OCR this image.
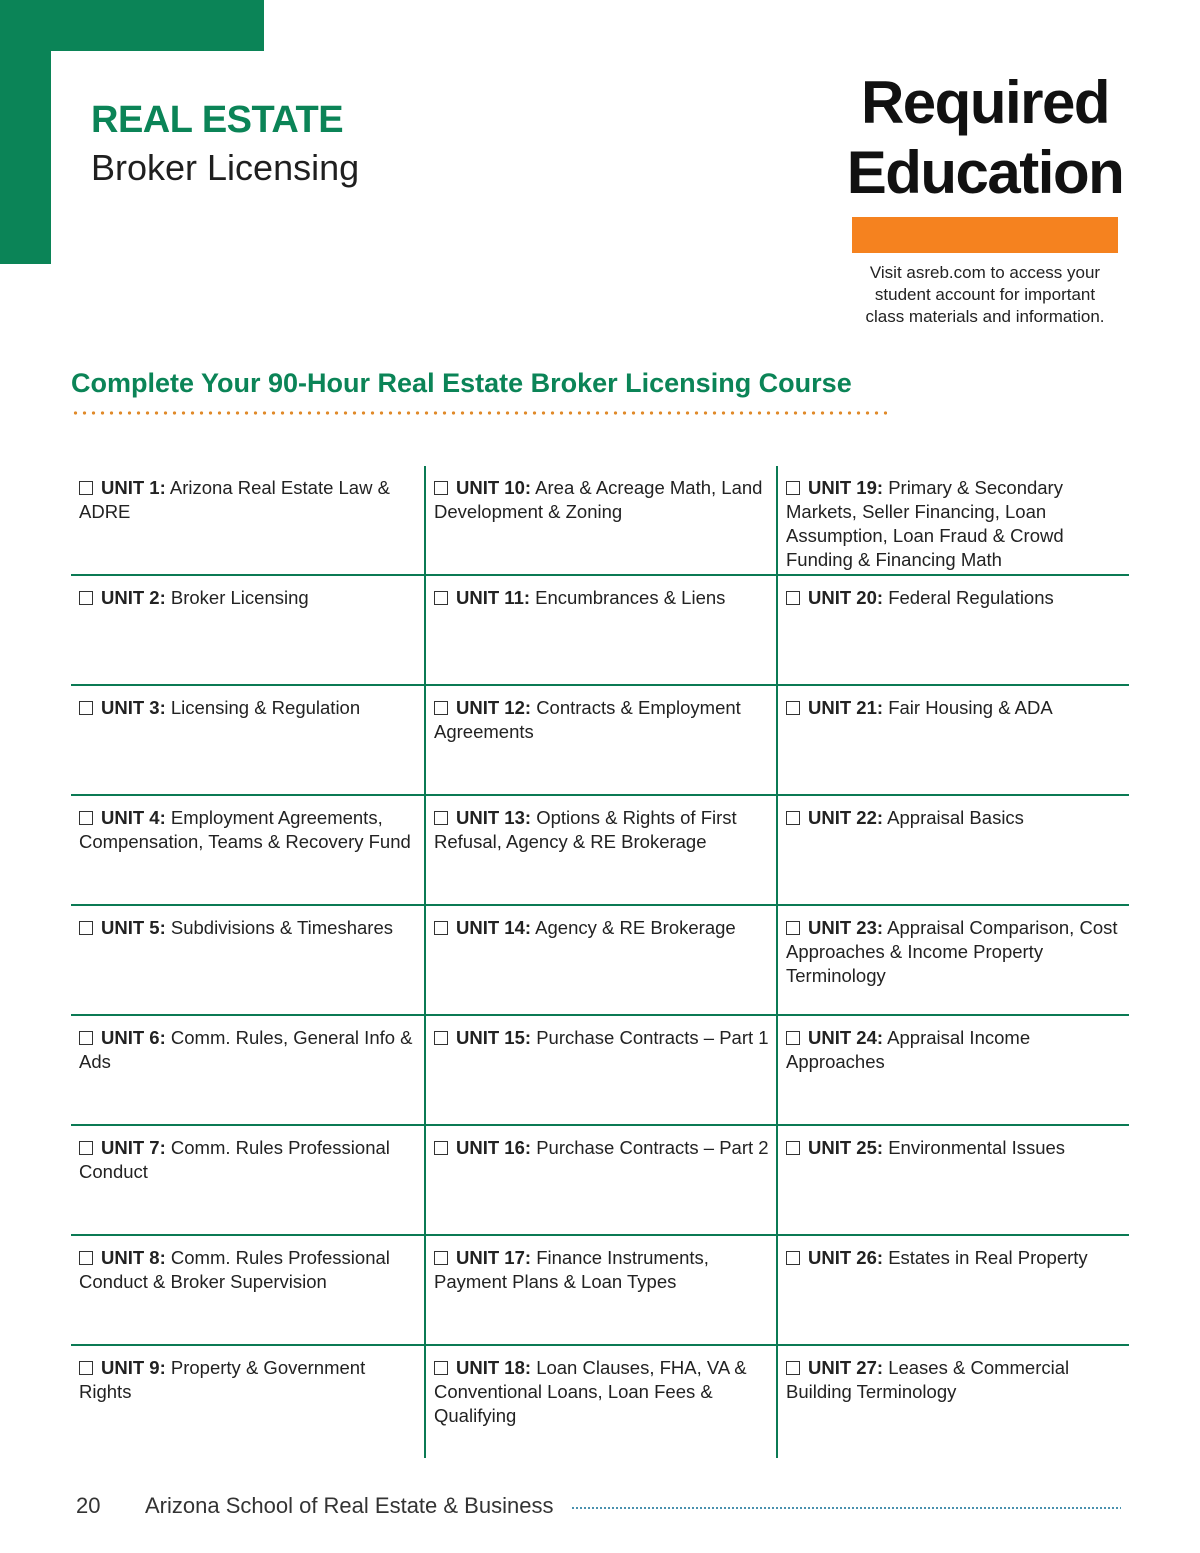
REAL ESTATE
Broker Licensing
Required
Education
Visit asreb.com to access your
student account for important
class materials and information.
Complete Your 90-Hour Real Estate Broker Licensing Course
UNIT 1: Arizona Real Estate Law & ADRE
UNIT 2: Broker Licensing
UNIT 3: Licensing & Regulation
UNIT 4: Employment Agreements, Compensation, Teams & Recovery Fund
UNIT 5: Subdivisions & Timeshares
UNIT 6: Comm. Rules, General Info & Ads
UNIT 7: Comm. Rules Professional Conduct
UNIT 8: Comm. Rules Professional Conduct & Broker Supervision
UNIT 9: Property & Government Rights
UNIT 10: Area & Acreage Math, Land Development & Zoning
UNIT 11: Encumbrances & Liens
UNIT 12: Contracts & Employment Agreements
UNIT 13: Options & Rights of First Refusal, Agency & RE Brokerage
UNIT 14: Agency & RE Brokerage
UNIT 15: Purchase Contracts – Part 1
UNIT 16: Purchase Contracts – Part 2
UNIT 17: Finance Instruments, Payment Plans & Loan Types
UNIT 18: Loan Clauses, FHA, VA & Conventional Loans, Loan Fees & Qualifying
UNIT 19: Primary & Secondary Markets, Seller Financing, Loan Assumption, Loan Fraud & Crowd Funding & Financing Math
UNIT 20: Federal Regulations
UNIT 21: Fair Housing & ADA
UNIT 22: Appraisal Basics
UNIT 23: Appraisal Comparison, Cost Approaches & Income Property Terminology
UNIT 24: Appraisal Income Approaches
UNIT 25: Environmental Issues
UNIT 26: Estates in Real Property
UNIT 27: Leases & Commercial Building Terminology
20 Arizona School of Real Estate & Business
